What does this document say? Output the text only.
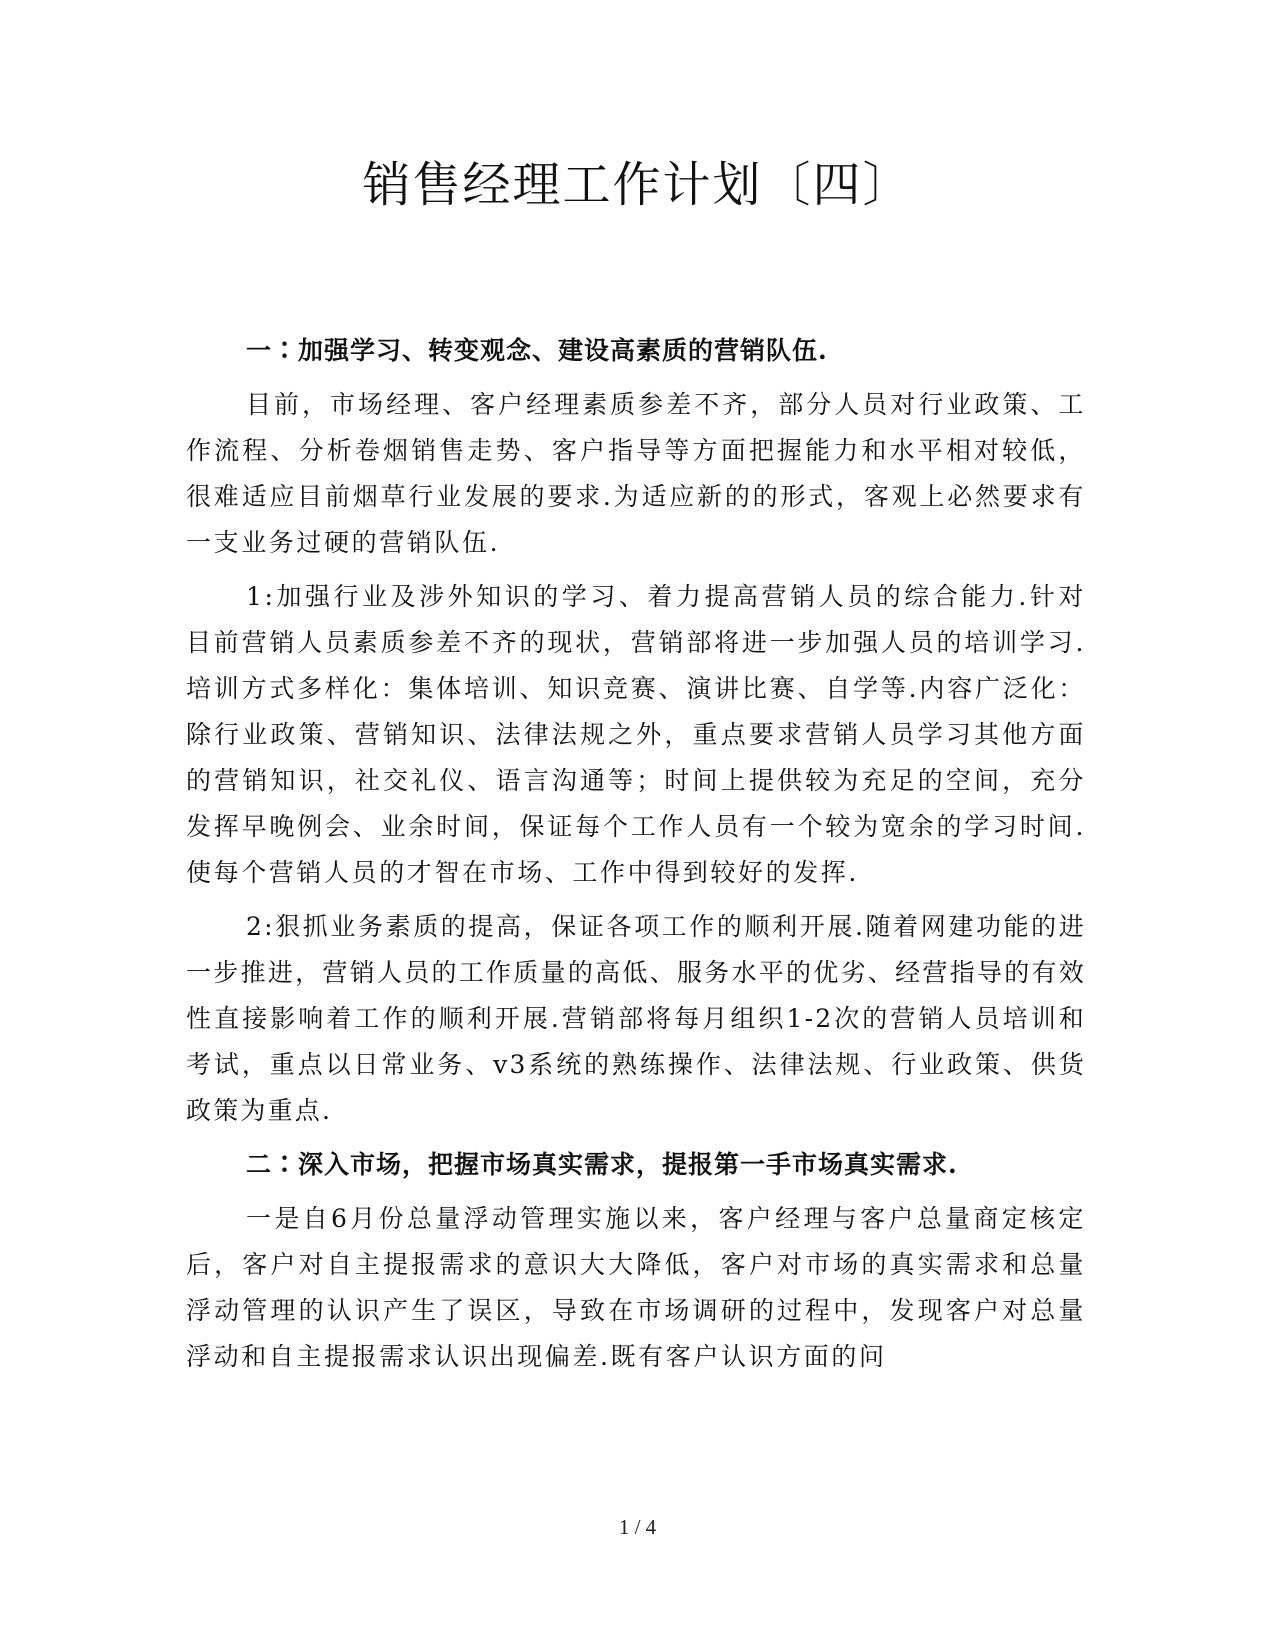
销售经理工作计划〔四〕

一∶加强学习、转变观念、建设高素质的营销队伍.

目前，市场经理、客户经理素质参差不齐，部分人员对行业政策、工作流程、分析卷烟销售走势、客户指导等方面把握能力和水平相对较低，很难适应目前烟草行业发展的要求.为适应新的的形式，客观上必然要求有一支业务过硬的营销队伍.

1:加强行业及涉外知识的学习、着力提高营销人员的综合能力.针对目前营销人员素质参差不齐的现状，营销部将进一步加强人员的培训学习.培训方式多样化：集体培训、知识竞赛、演讲比赛、自学等.内容广泛化：除行业政策、营销知识、法律法规之外，重点要求营销人员学习其他方面的营销知识，社交礼仪、语言沟通等；时间上提供较为充足的空间，充分发挥早晚例会、业余时间，保证每个工作人员有一个较为宽余的学习时间.使每个营销人员的才智在市场、工作中得到较好的发挥.

2:狠抓业务素质的提高，保证各项工作的顺利开展.随着网建功能的进一步推进，营销人员的工作质量的高低、服务水平的优劣、经营指导的有效性直接影响着工作的顺利开展.营销部将每月组织1-2次的营销人员培训和考试，重点以日常业务、v3系统的熟练操作、法律法规、行业政策、供货政策为重点.

二∶深入市场，把握市场真实需求，提报第一手市场真实需求.

一是自6月份总量浮动管理实施以来，客户经理与客户总量商定核定后，客户对自主提报需求的意识大大降低，客户对市场的真实需求和总量浮动管理的认识产生了误区，导致在市场调研的过程中，发现客户对总量浮动和自主提报需求认识出现偏差.既有客户认识方面的问

1 / 4
